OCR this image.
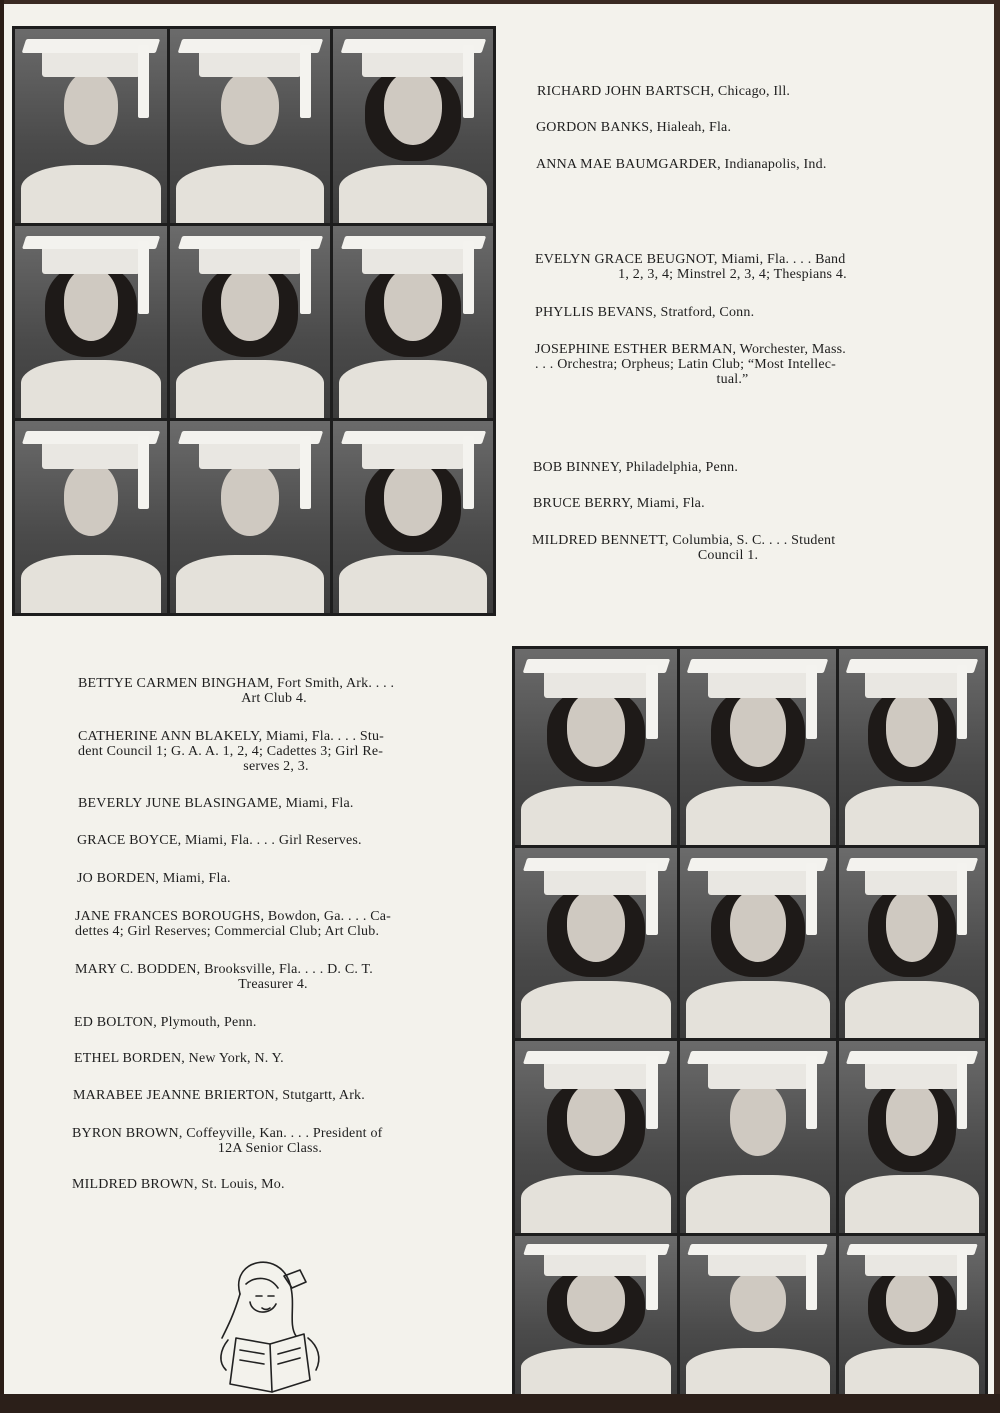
RICHARD JOHN BARTSCH, Chicago, Ill.
GORDON BANKS, Hialeah, Fla.
ANNA MAE BAUMGARDER, Indianapolis, Ind.
EVELYN GRACE BEUGNOT, Miami, Fla. . . . Band

1, 2, 3, 4; Minstrel 2, 3, 4; Thespians 4.
PHYLLIS BEVANS, Stratford, Conn.
JOSEPHINE ESTHER BERMAN, Worchester, Mass.
. . . Orchestra; Orpheus; Latin Club; “Most Intellec-

tual.”
BOB BINNEY, Philadelphia, Penn.
BRUCE BERRY, Miami, Fla.
MILDRED BENNETT, Columbia, S. C. . . . Student

Council 1.
BETTYE CARMEN BINGHAM, Fort Smith, Ark. . . .

Art Club 4.
CATHERINE ANN BLAKELY, Miami, Fla. . . . Stu-
dent Council 1; G. A. A. 1, 2, 4; Cadettes 3; Girl Re-

serves 2, 3.
BEVERLY JUNE BLASINGAME, Miami, Fla.
GRACE BOYCE, Miami, Fla. . . . Girl Reserves.
JO BORDEN, Miami, Fla.
JANE FRANCES BOROUGHS, Bowdon, Ga. . . . Ca-
dettes 4; Girl Reserves; Commercial Club; Art Club.
MARY C. BODDEN, Brooksville, Fla. . . . D. C. T.

Treasurer 4.
ED BOLTON, Plymouth, Penn.
ETHEL BORDEN, New York, N. Y.
MARABEE JEANNE BRIERTON, Stutgartt, Ark.
BYRON BROWN, Coffeyville, Kan. . . . President of

12A Senior Class.
MILDRED BROWN, St. Louis, Mo.
